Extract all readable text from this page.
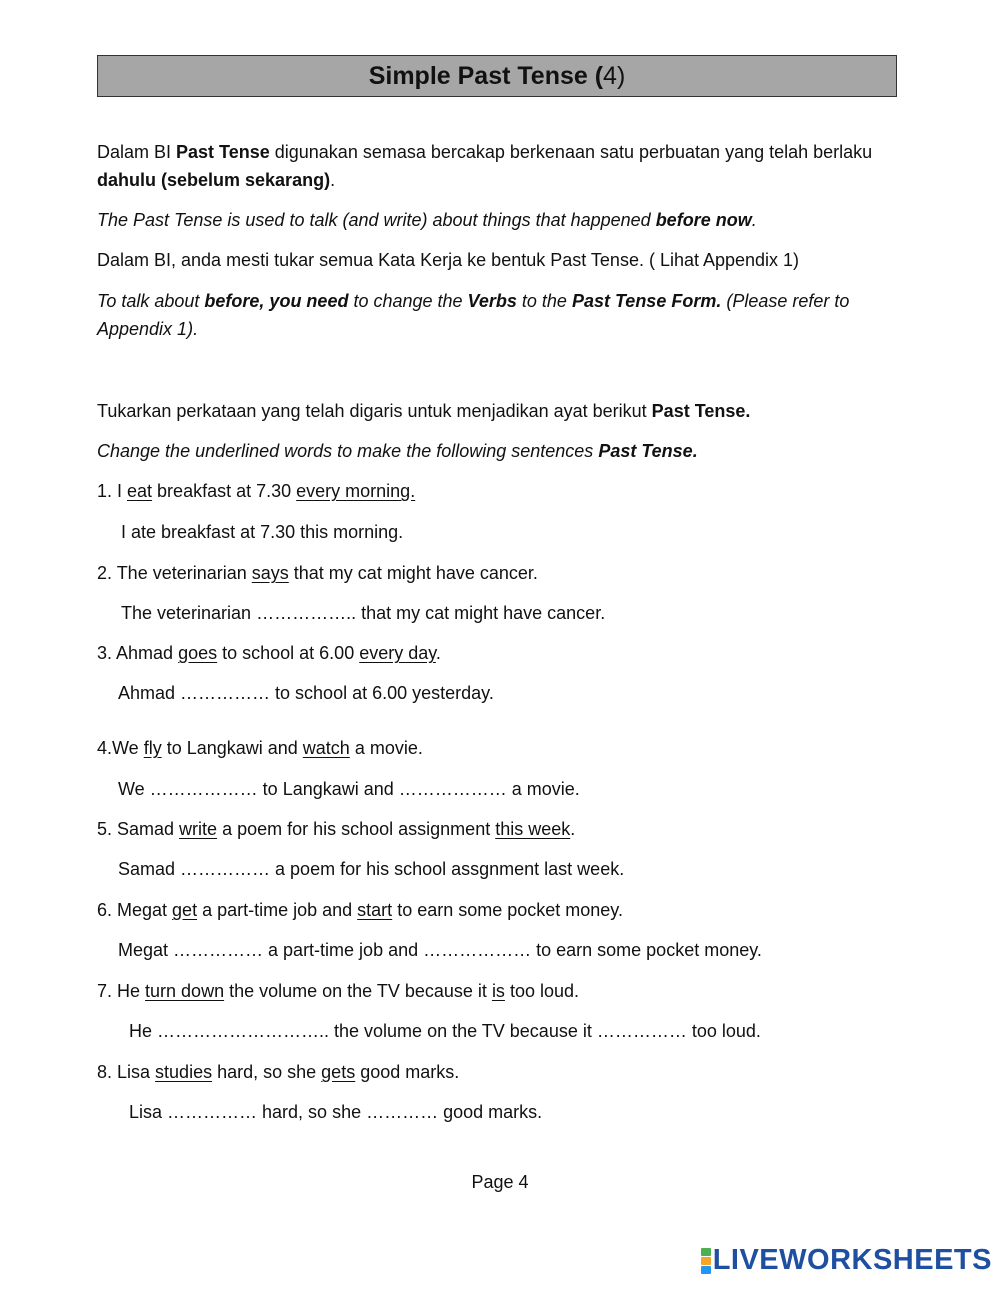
Simple Past Tense (4)

Dalam BI Past Tense digunakan semasa bercakap berkenaan satu perbuatan yang telah berlaku dahulu (sebelum sekarang).

The Past Tense is used to talk (and write) about things that happened before now.

Dalam BI, anda mesti tukar semua Kata Kerja ke bentuk Past Tense. ( Lihat Appendix 1)

To talk about before, you need to change the Verbs to the Past Tense Form. (Please refer to Appendix 1).

Tukarkan perkataan yang telah digaris untuk menjadikan ayat berikut Past Tense.

Change the underlined words to make the following sentences Past Tense.

1. I eat breakfast at 7.30 every morning.
I ate breakfast at 7.30 this morning.
2. The veterinarian says that my cat might have cancer.
The veterinarian …………….. that my cat might have cancer.
3. Ahmad goes to school at 6.00 every day.
Ahmad …………… to school at 6.00 yesterday.
4.We fly to Langkawi and watch a movie.
We ……………… to Langkawi and ……………… a movie.
5. Samad write a poem for his school assignment this week.
Samad …………… a poem for his school assgnment last week.
6. Megat get a part-time job and start to earn some pocket money.
Megat …………… a part-time job and ……………… to earn some pocket money.
7. He turn down the volume on the TV because it is too loud.
He ……………………….. the volume on the TV because it …………… too loud.
8. Lisa studies hard, so she gets good marks.
Lisa …………… hard, so she ………… good marks.
Page 4
LIVEWORKSHEETS
